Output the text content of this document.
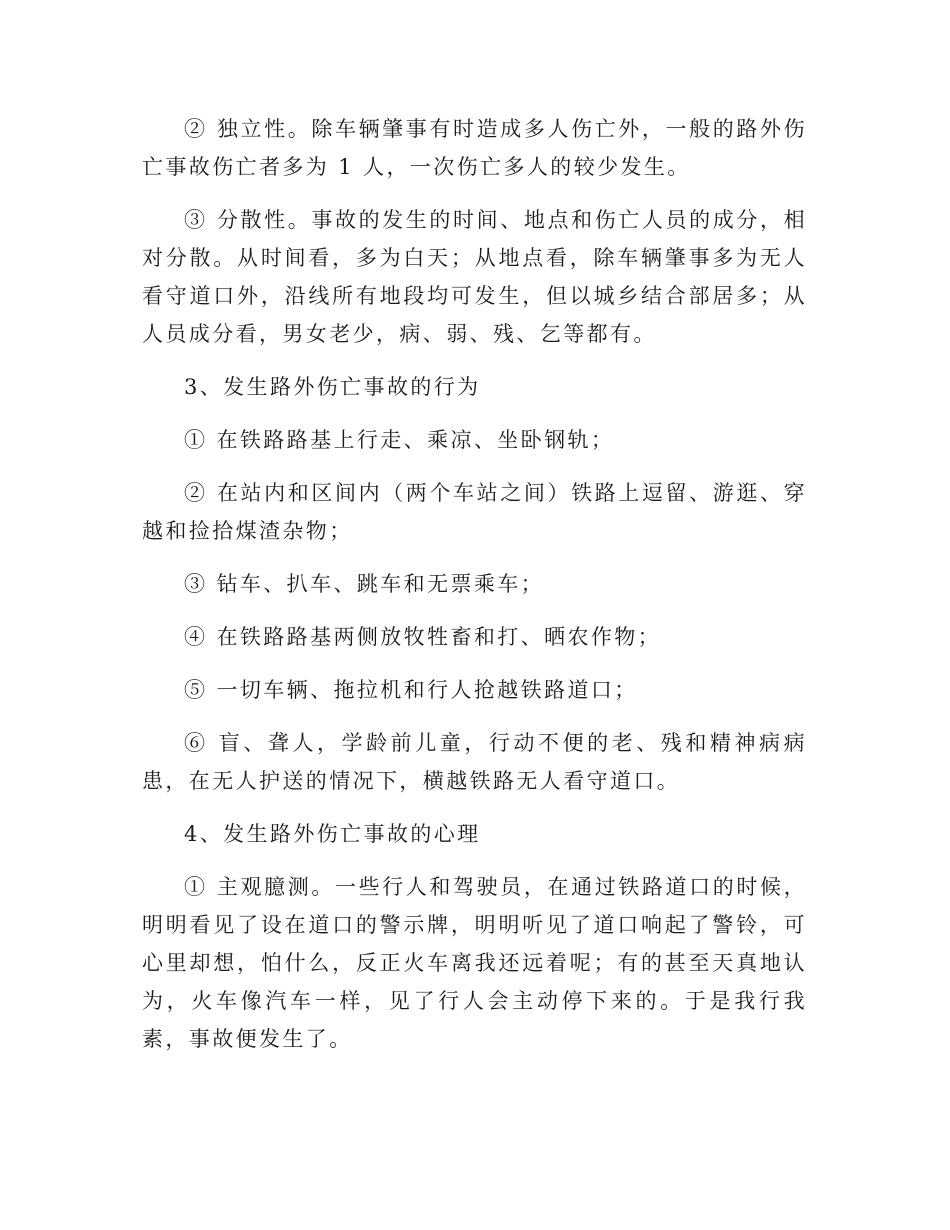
② 独立性。除车辆肇事有时造成多人伤亡外，一般的路外伤亡事故伤亡者多为 1 人，一次伤亡多人的较少发生。

③ 分散性。事故的发生的时间、地点和伤亡人员的成分，相对分散。从时间看，多为白天；从地点看，除车辆肇事多为无人看守道口外，沿线所有地段均可发生，但以城乡结合部居多；从人员成分看，男女老少，病、弱、残、乞等都有。

3、发生路外伤亡事故的行为

① 在铁路路基上行走、乘凉、坐卧钢轨；

② 在站内和区间内（两个车站之间）铁路上逗留、游逛、穿越和捡拾煤渣杂物；

③ 钻车、扒车、跳车和无票乘车；

④ 在铁路路基两侧放牧牲畜和打、晒农作物；

⑤ 一切车辆、拖拉机和行人抢越铁路道口；

⑥ 盲、聋人，学龄前儿童，行动不便的老、残和精神病病患，在无人护送的情况下，横越铁路无人看守道口。

4、发生路外伤亡事故的心理

① 主观臆测。一些行人和驾驶员，在通过铁路道口的时候，明明看见了设在道口的警示牌，明明听见了道口响起了警铃，可心里却想，怕什么，反正火车离我还远着呢；有的甚至天真地认为，火车像汽车一样，见了行人会主动停下来的。于是我行我素，事故便发生了。
